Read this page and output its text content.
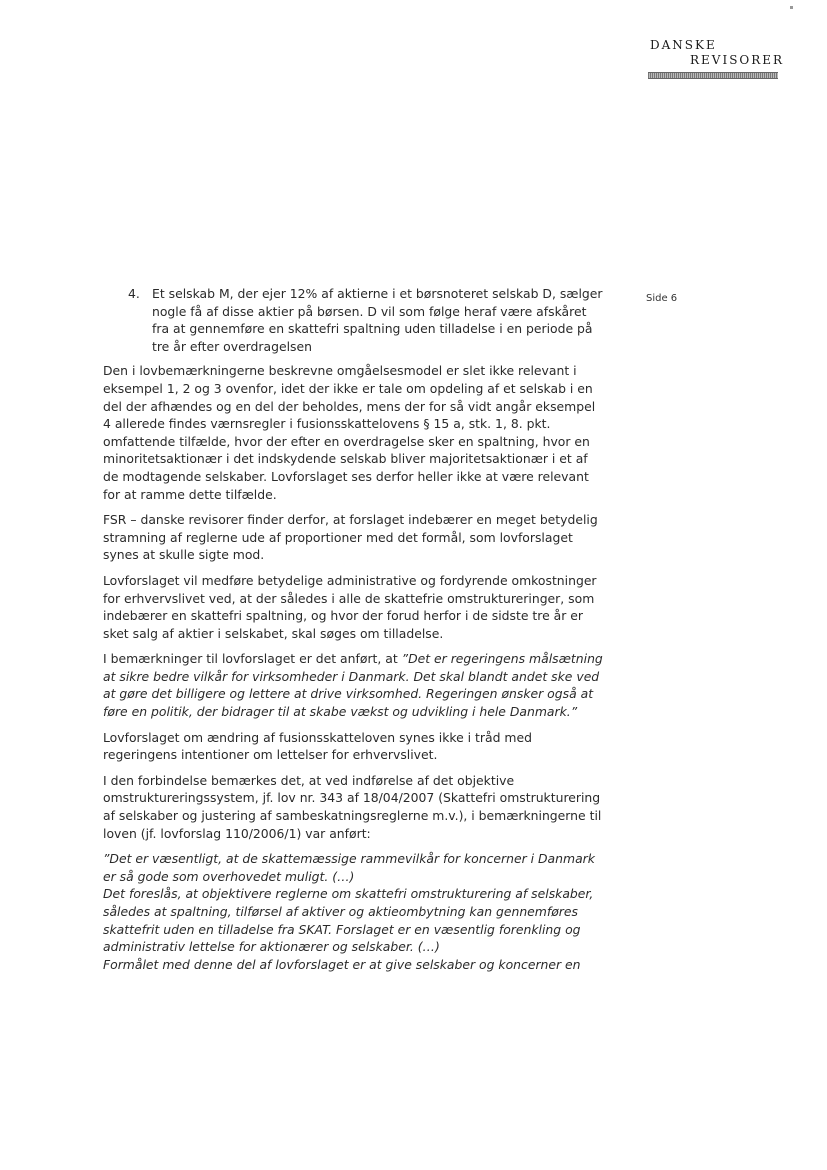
DANSKE
REVISORER
Side 6
4. Et selskab M, der ejer 12% af aktierne i et børsnoteret selskab D, sælger nogle få af disse aktier på børsen. D vil som følge heraf være afskåret fra at gennemføre en skattefri spaltning uden tilladelse i en periode på tre år efter overdragelsen

Den i lovbemærkningerne beskrevne omgåelsesmodel er slet ikke relevant i eksempel 1, 2 og 3 ovenfor, idet der ikke er tale om opdeling af et selskab i en del der afhændes og en del der beholdes, mens der for så vidt angår eksempel 4 allerede findes værnsregler i fusionsskattelovens § 15 a, stk. 1, 8. pkt. omfattende tilfælde, hvor der efter en overdragelse sker en spaltning, hvor en minoritetsaktionær i det indskydende selskab bliver majoritetsaktionær i et af de modtagende selskaber. Lovforslaget ses derfor heller ikke at være relevant for at ramme dette tilfælde.

FSR – danske revisorer finder derfor, at forslaget indebærer en meget betydelig stramning af reglerne ude af proportioner med det formål, som lovforslaget synes at skulle sigte mod.

Lovforslaget vil medføre betydelige administrative og fordyrende omkostninger for erhvervslivet ved, at der således i alle de skattefrie omstruktureringer, som indebærer en skattefri spaltning, og hvor der forud herfor i de sidste tre år er sket salg af aktier i selskabet, skal søges om tilladelse.

I bemærkninger til lovforslaget er det anført, at ”Det er regeringens målsætning at sikre bedre vilkår for virksomheder i Danmark. Det skal blandt andet ske ved at gøre det billigere og lettere at drive virksomhed. Regeringen ønsker også at føre en politik, der bidrager til at skabe vækst og udvikling i hele Danmark.”

Lovforslaget om ændring af fusionsskatteloven synes ikke i tråd med regeringens intentioner om lettelser for erhvervslivet.

I den forbindelse bemærkes det, at ved indførelse af det objektive omstruktureringssystem, jf. lov nr. 343 af 18/04/2007 (Skattefri omstrukturering af selskaber og justering af sambeskatningsreglerne m.v.), i bemærkningerne til loven (jf. lovforslag 110/2006/1) var anført:

”Det er væsentligt, at de skattemæssige rammevilkår for koncerner i Danmark er så gode som overhovedet muligt. (…)

Det foreslås, at objektivere reglerne om skattefri omstrukturering af selskaber, således at spaltning, tilførsel af aktiver og aktieombytning kan gennemføres skattefrit uden en tilladelse fra SKAT. Forslaget er en væsentlig forenkling og administrativ lettelse for aktionærer og selskaber. (…)

Formålet med denne del af lovforslaget er at give selskaber og koncerner en
